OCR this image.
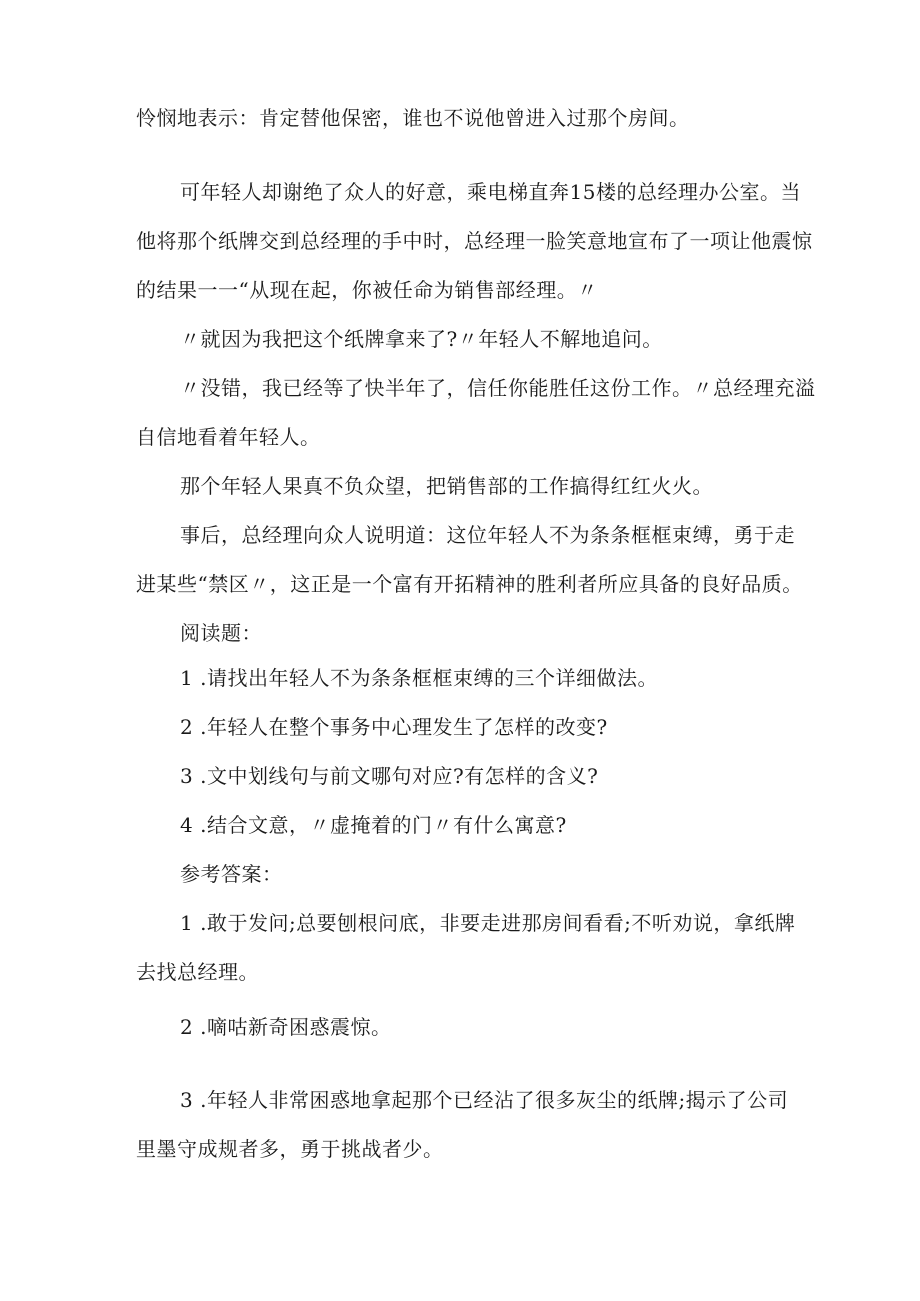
怜悯地表示：肯定替他保密，谁也不说他曾进入过那个房间。
可年轻人却谢绝了众人的好意，乘电梯直奔15楼的总经理办公室。当
他将那个纸牌交到总经理的手中时，总经理一脸笑意地宣布了一项让他震惊
的结果一一“从现在起，你被任命为销售部经理。〃
〃就因为我把这个纸牌拿来了?〃年轻人不解地追问。
〃没错，我已经等了快半年了，信任你能胜任这份工作。〃总经理充溢
自信地看着年轻人。
那个年轻人果真不负众望，把销售部的工作搞得红红火火。
事后，总经理向众人说明道：这位年轻人不为条条框框束缚，勇于走
进某些“禁区〃，这正是一个富有开拓精神的胜利者所应具备的良好品质。
阅读题：
1 .请找出年轻人不为条条框框束缚的三个详细做法。
2 .年轻人在整个事务中心理发生了怎样的改变?
3 .文中划线句与前文哪句对应?有怎样的含义?
4 .结合文意，〃虚掩着的门〃有什么寓意?
参考答案：
1 .敢于发问;总要刨根问底，非要走进那房间看看;不听劝说，拿纸牌
去找总经理。
2 .嘀咕新奇困惑震惊。
3 .年轻人非常困惑地拿起那个已经沾了很多灰尘的纸牌;揭示了公司
里墨守成规者多，勇于挑战者少。
